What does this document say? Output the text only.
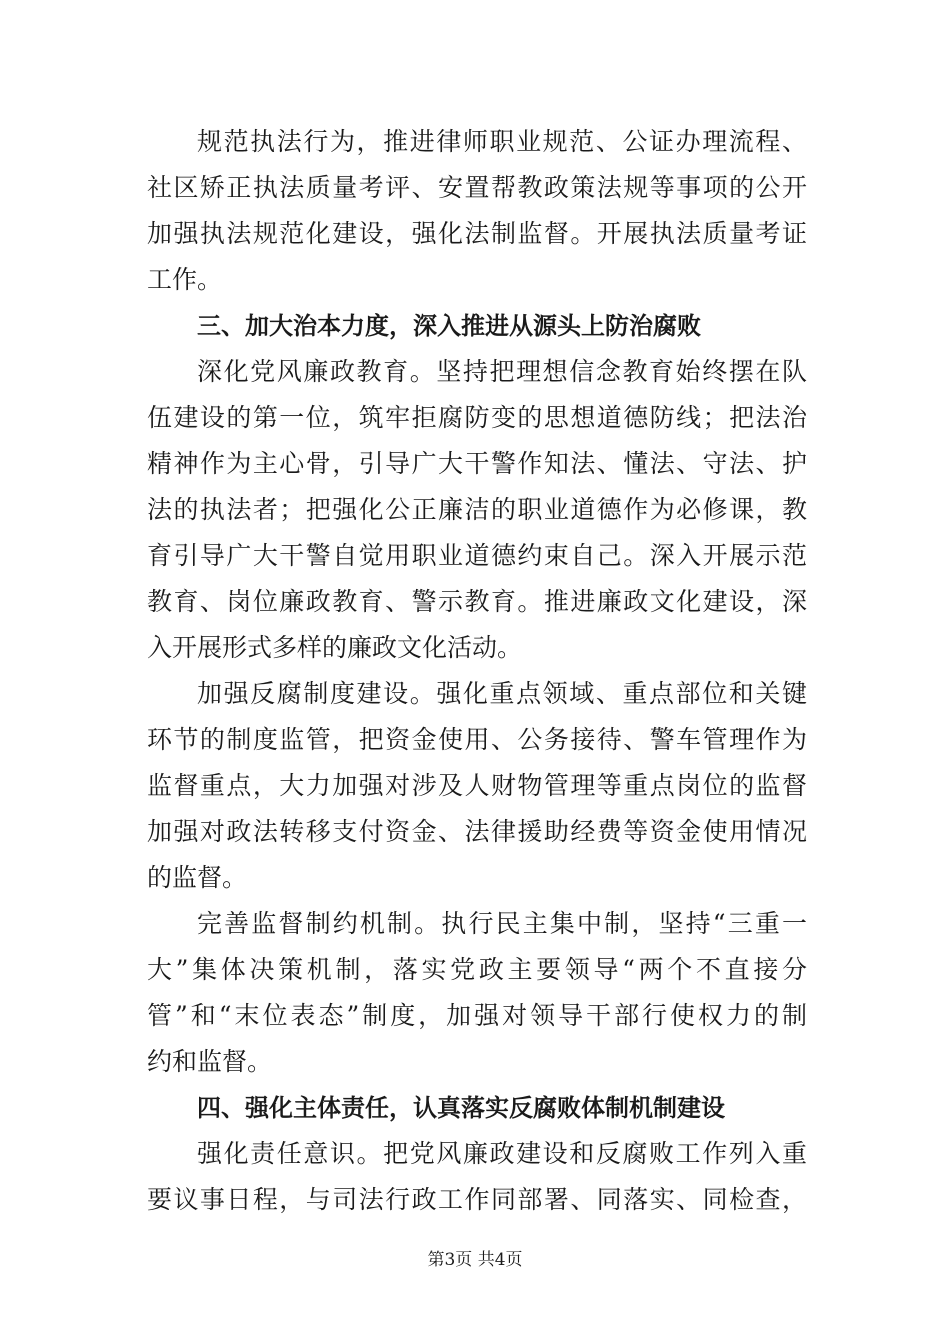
规范执法行为，推进律师职业规范、公证办理流程、
社区矫正执法质量考评、安置帮教政策法规等事项的公开
加强执法规范化建设，强化法制监督。开展执法质量考证
工作。
三、加大治本力度，深入推进从源头上防治腐败
深化党风廉政教育。坚持把理想信念教育始终摆在队
伍建设的第一位，筑牢拒腐防变的思想道德防线；把法治
精神作为主心骨，引导广大干警作知法、懂法、守法、护
法的执法者；把强化公正廉洁的职业道德作为必修课，教
育引导广大干警自觉用职业道德约束自己。深入开展示范
教育、岗位廉政教育、警示教育。推进廉政文化建设，深
入开展形式多样的廉政文化活动。
加强反腐制度建设。强化重点领域、重点部位和关键
环节的制度监管，把资金使用、公务接待、警车管理作为
监督重点，大力加强对涉及人财物管理等重点岗位的监督
加强对政法转移支付资金、法律援助经费等资金使用情况
的监督。
完善监督制约机制。执行民主集中制，坚持“三重一
大”集体决策机制，落实党政主要领导“两个不直接分
管”和“末位表态”制度，加强对领导干部行使权力的制
约和监督。
四、强化主体责任，认真落实反腐败体制机制建设
强化责任意识。把党风廉政建设和反腐败工作列入重
要议事日程，与司法行政工作同部署、同落实、同检查，
第3页 共4页
